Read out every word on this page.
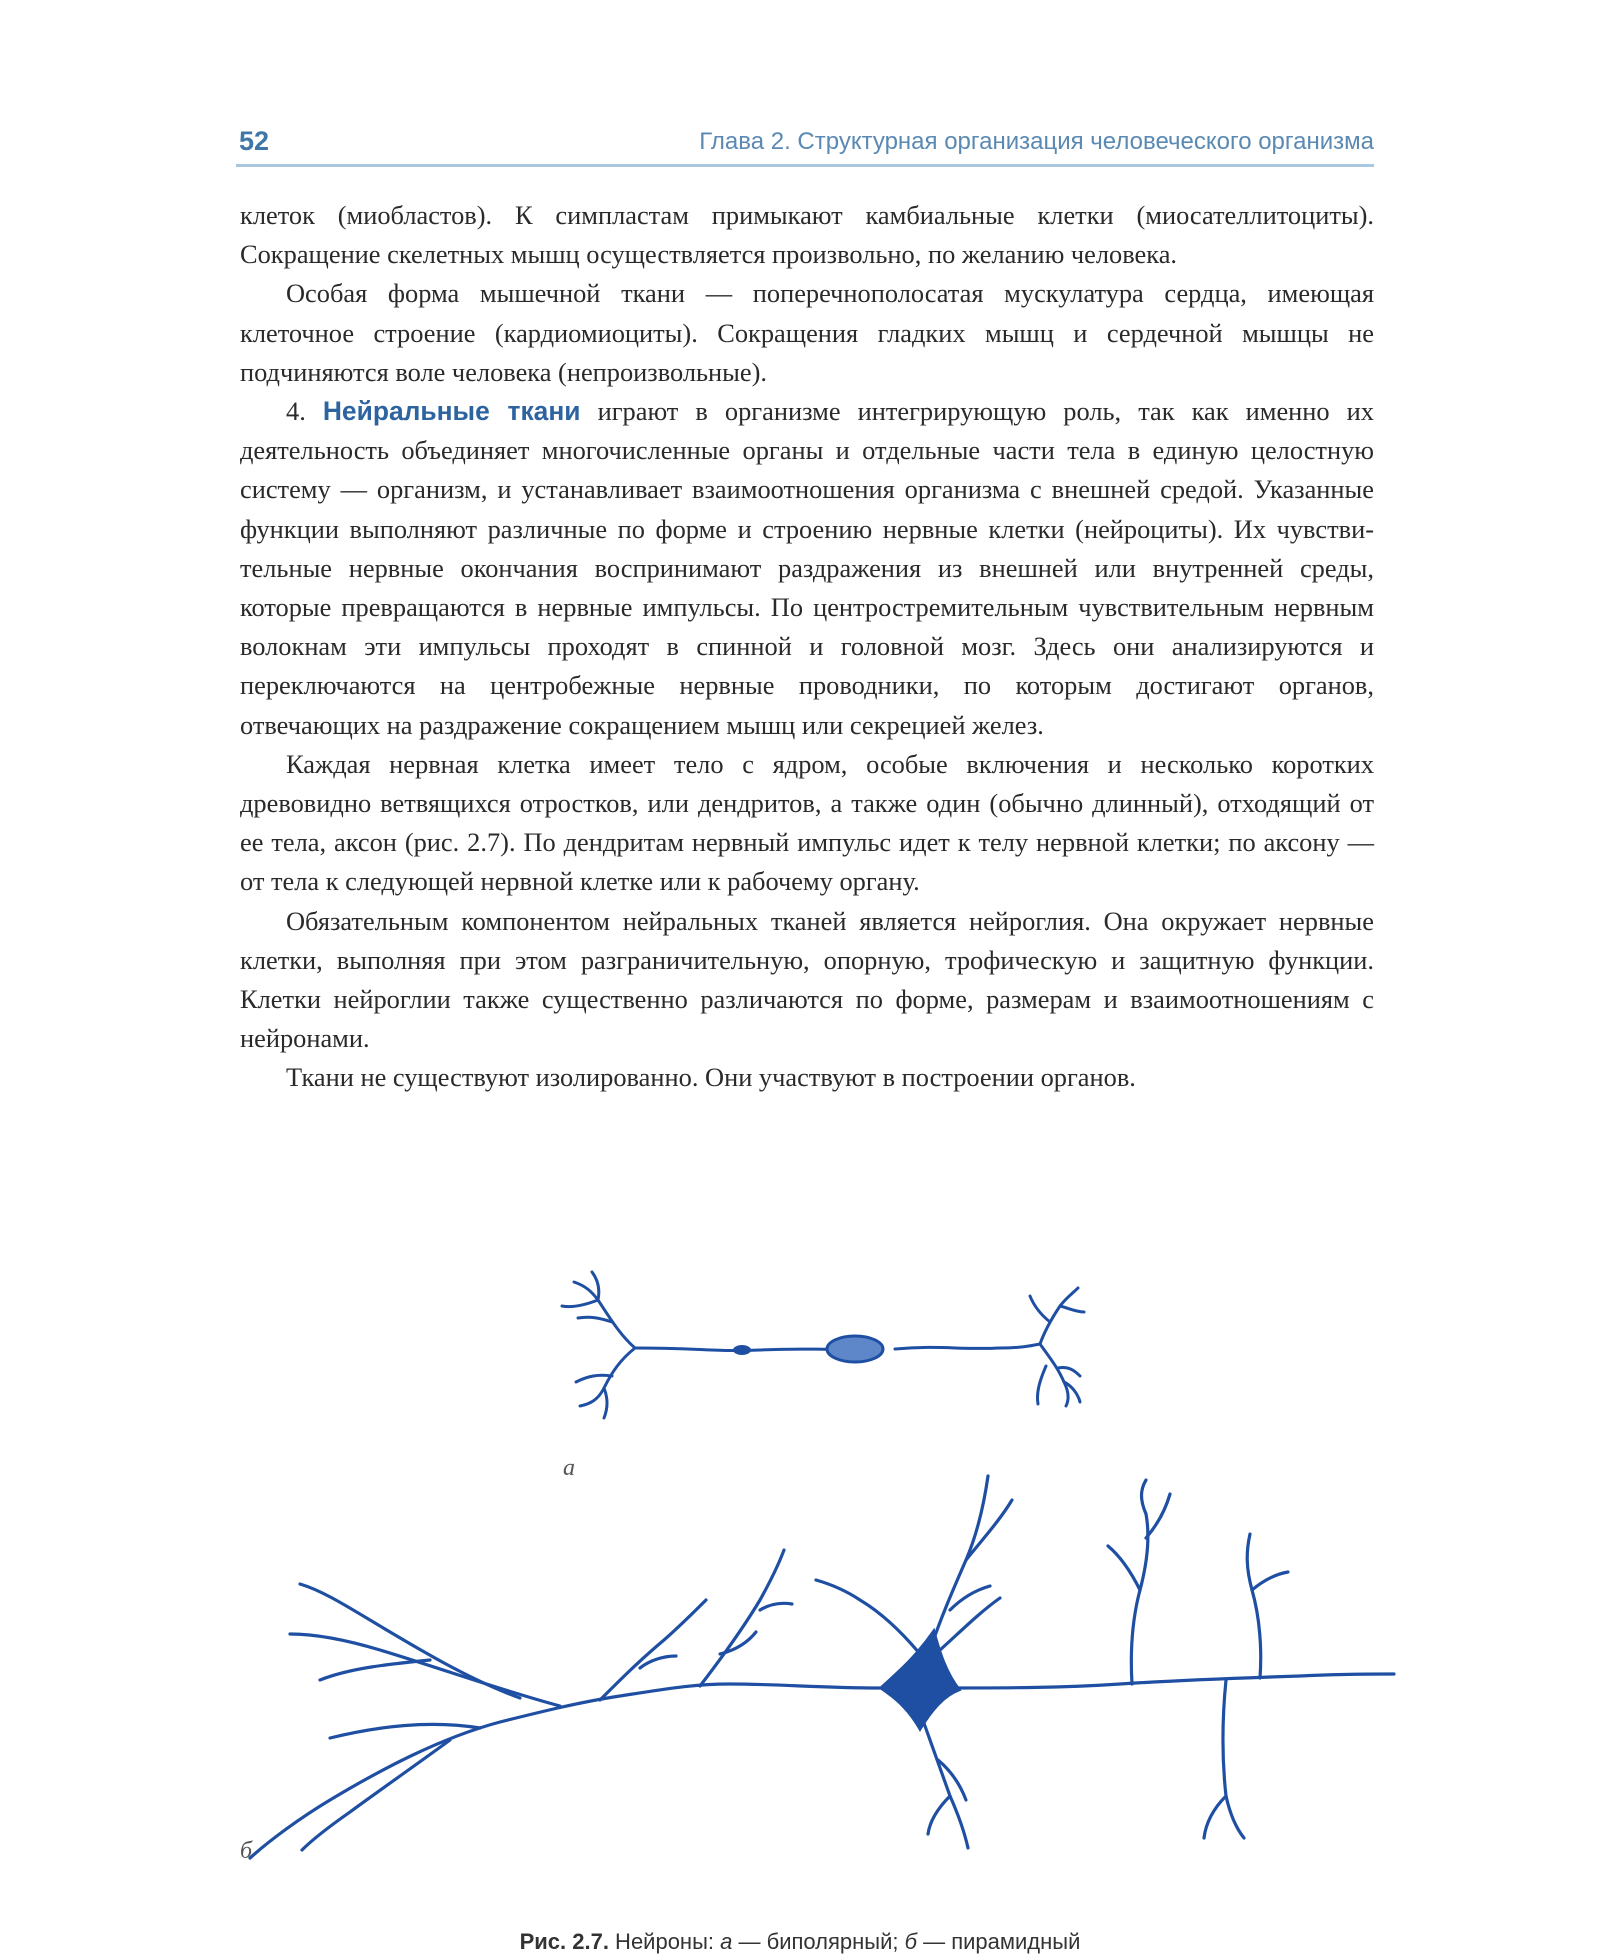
52	Глава 2. Структурная организация человеческого организма

клеток (миобластов). К симпластам примыкают камбиальные клетки (миосателлитоциты). Сокращение скелетных мышц осуществляется произвольно, по желанию человека.

Особая форма мышечной ткани — поперечнополосатая мускулатура сердца, имеющая клеточное строение (кардиомиоциты). Сокращения гладких мышц и сердечной мышцы не подчиняются воле человека (непроизвольные).

4. Нейральные ткани играют в организме интегрирующую роль, так как именно их деятельность объединяет многочисленные органы и отдельные части тела в единую целостную систему — организм, и устанавливает взаимоотношения организма с внешней средой. Указанные функции выполняют различные по форме и строению нервные клетки (нейроциты). Их чувствительные нервные окончания воспринимают раздражения из внешней или внутренней среды, которые превращаются в нервные импульсы. По центростремительным чувствительным нервным волокнам эти импульсы проходят в спинной и головной мозг. Здесь они анализируются и переключаются на центробежные нервные проводники, по которым достигают органов, отвечающих на раздражение сокращением мышц или секрецией желез.

Каждая нервная клетка имеет тело с ядром, особые включения и несколько коротких древовидно ветвящихся отростков, или дендритов, а также один (обычно длинный), отходящий от ее тела, аксон (рис. 2.7). По дендритам нервный импульс идет к телу нервной клетки; по аксону — от тела к следующей нервной клетке или к рабочему органу.

Обязательным компонентом нейральных тканей является нейроглия. Она окружает нервные клетки, выполняя при этом разграничительную, опорную, трофическую и защитную функции. Клетки нейроглии также существенно различаются по форме, размерам и взаимоотношениям с нейронами.

Ткани не существуют изолированно. Они участвуют в построении органов.

а
б
Рис. 2.7. Нейроны: а — биполярный; б — пирамидный
